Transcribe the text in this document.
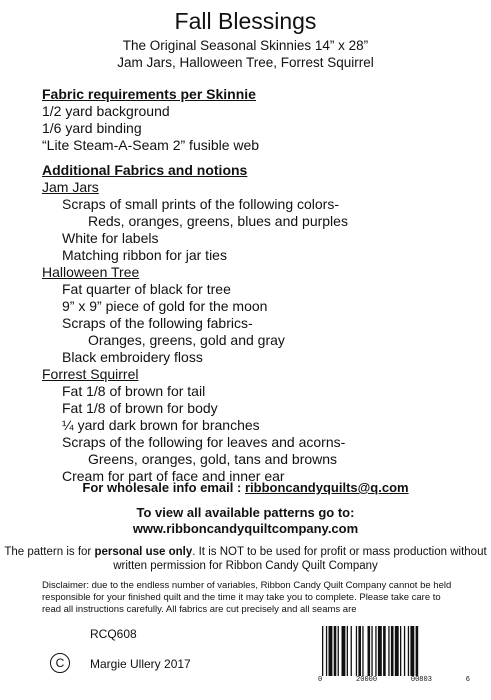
Fall Blessings
The Original Seasonal Skinnies 14” x 28”
Jam Jars, Halloween Tree, Forrest Squirrel
Fabric requirements per Skinnie
1/2 yard background
1/6 yard binding
“Lite Steam-A-Seam 2” fusible web
Additional Fabrics and notions
Jam Jars
Scraps of small prints of the following colors-
Reds, oranges, greens, blues and purples
White for labels
Matching ribbon for jar ties
Halloween Tree
Fat quarter of black for tree
9” x 9” piece of gold for the moon
Scraps of the following fabrics-
Oranges, greens, gold and gray
Black embroidery floss
Forrest Squirrel
Fat 1/8 of brown for tail
Fat 1/8 of brown for body
¼ yard dark brown for branches
Scraps of the following for leaves and acorns-
Greens, oranges, gold, tans and browns
Cream for part of face and inner ear
For wholesale info email : ribboncandyquilts@q.com
To view all available patterns go to:
www.ribboncandyquiltcompany.com
The pattern is for personal use only. It is NOT to be used for profit or mass production without
written permission for Ribbon Candy Quilt Company
Disclaimer: due to the endless number of variables, Ribbon Candy Quilt Company cannot be held responsible for your finished quilt and the time it may take you to complete. Please take care to read all instructions carefully. All fabrics are cut precisely and all seams are
RCQ608
C	Margie Ullery 2017
0	20000	00803	6
